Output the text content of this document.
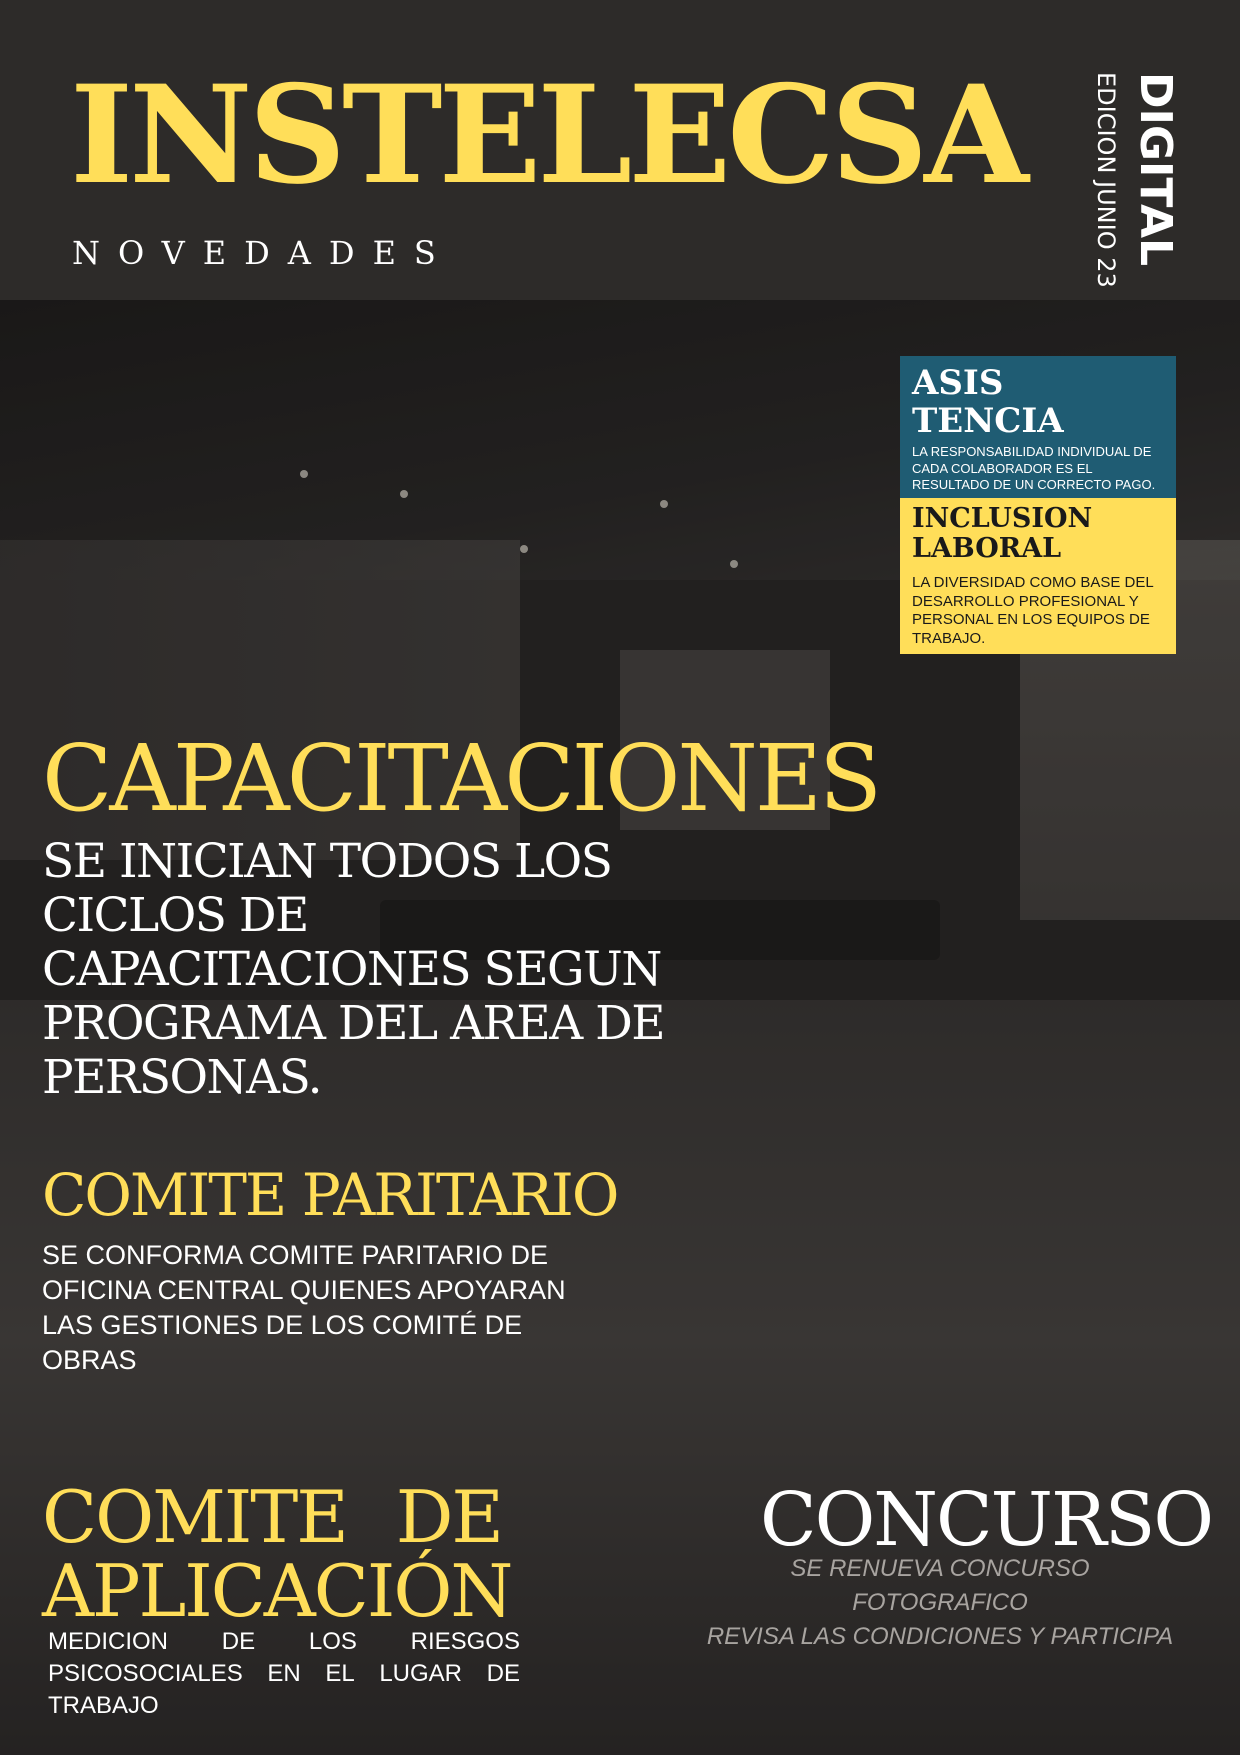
INSTELECSA
NOVEDADES	DIGITAL
EDICION JUNIO 23
ASIS
TENCIA
LA RESPONSABILIDAD INDIVIDUAL DE CADA COLABORADOR ES EL RESULTADO DE UN CORRECTO PAGO.
INCLUSION
LABORAL
LA DIVERSIDAD COMO BASE DEL DESARROLLO PROFESIONAL Y PERSONAL EN LOS EQUIPOS DE TRABAJO.
CAPACITACIONES
SE INICIAN TODOS LOS CICLOS DE CAPACITACIONES SEGUN PROGRAMA DEL AREA DE PERSONAS.
COMITE PARITARIO
SE CONFORMA COMITE PARITARIO DE OFICINA CENTRAL QUIENES APOYARAN LAS GESTIONES DE LOS COMITÉ DE OBRAS
COMITE DE
APLICACIÓN
MEDICION DE LOS RIESGOS
PSICOSOCIALES EN EL LUGAR DE
TRABAJO
CONCURSO
SE RENUEVA CONCURSO FOTOGRAFICO
REVISA LAS CONDICIONES Y PARTICIPA
